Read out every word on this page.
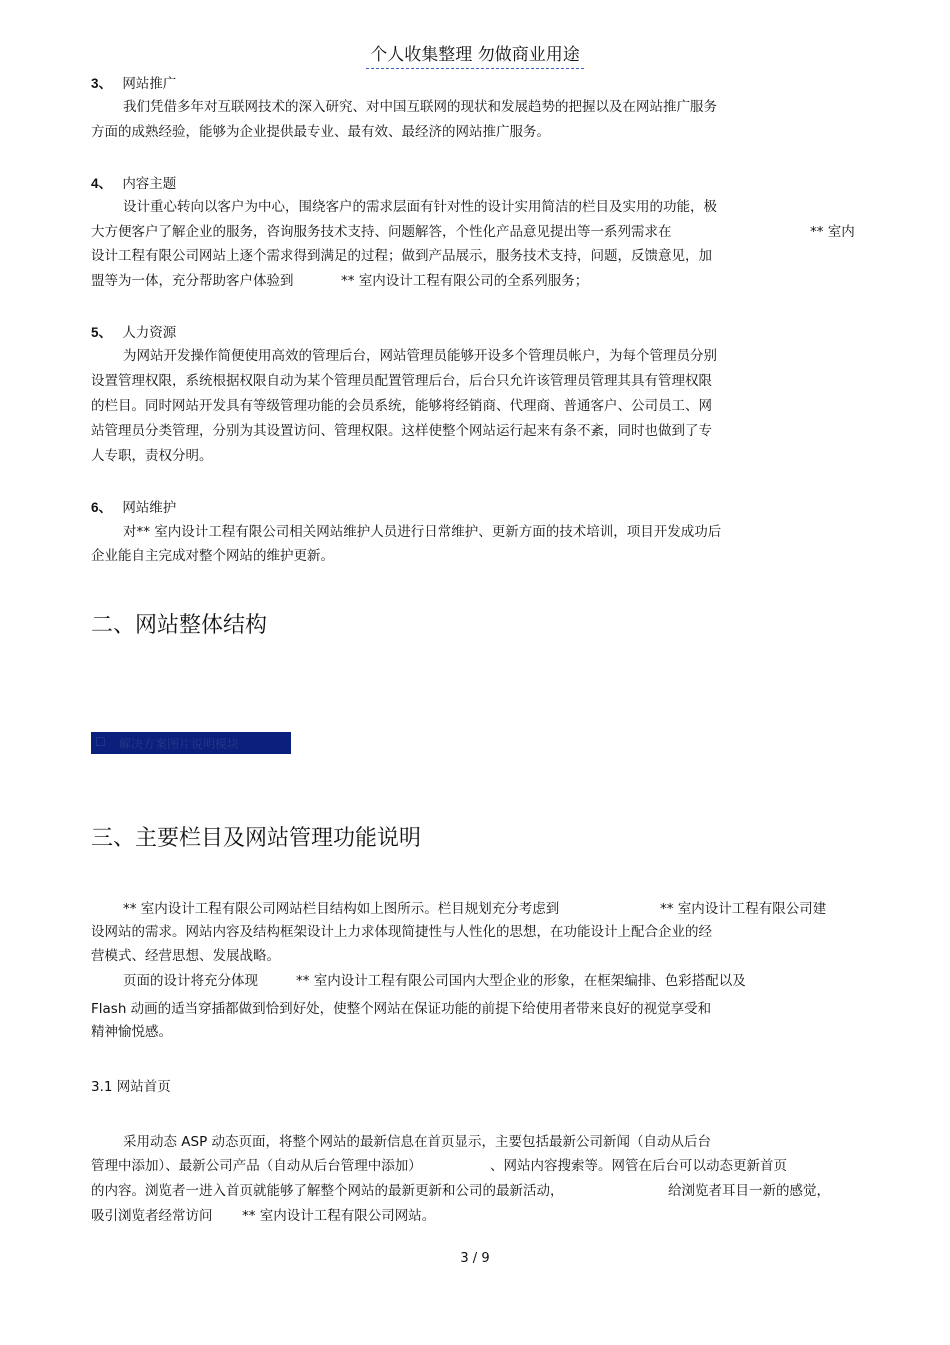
个人收集整理 勿做商业用途
3、 网站推广
我们凭借多年对互联网技术的深入研究、对中国互联网的现状和发展趋势的把握以及在网站推广服务
方面的成熟经验，能够为企业提供最专业、最有效、最经济的网站推广服务。
4、 内容主题
设计重心转向以客户为中心，围绕客户的需求层面有针对性的设计实用简洁的栏目及实用的功能，极
大方便客户了解企业的服务，咨询服务技术支持、问题解答，个性化产品意见提出等一系列需求在	** 室内
设计工程有限公司网站上逐个需求得到满足的过程；做到产品展示，服务技术支持，问题，反馈意见，加
盟等为一体，充分帮助客户体验到	** 室内设计工程有限公司的全系列服务；
5、 人力资源
为网站开发操作简便使用高效的管理后台，网站管理员能够开设多个管理员帐户，为每个管理员分别
设置管理权限，系统根据权限自动为某个管理员配置管理后台，后台只允许该管理员管理其具有管理权限
的栏目。同时网站开发具有等级管理功能的会员系统，能够将经销商、代理商、普通客户、公司员工、网
站管理员分类管理，分别为其设置访问、管理权限。这样使整个网站运行起来有条不紊，同时也做到了专
人专职，责权分明。
6、 网站维护
对** 室内设计工程有限公司相关网站维护人员进行日常维护、更新方面的技术培训，项目开发成功后
企业能自主完成对整个网站的维护更新。
二、网站整体结构
☐ 解决方案图片说明模块
三、主要栏目及网站管理功能说明
** 室内设计工程有限公司网站栏目结构如上图所示。栏目规划充分考虑到	** 室内设计工程有限公司建
设网站的需求。网站内容及结构框架设计上力求体现简捷性与人性化的思想，在功能设计上配合企业的经
营模式、经营思想、发展战略。
页面的设计将充分体现	** 室内设计工程有限公司国内大型企业的形象，在框架编排、色彩搭配以及
Flash 动画的适当穿插都做到恰到好处，使整个网站在保证功能的前提下给使用者带来良好的视觉享受和
精神愉悦感。
3.1 网站首页
采用动态 ASP 动态页面，将整个网站的最新信息在首页显示，主要包括最新公司新闻（自动从后台
管理中添加）、最新公司产品（自动从后台管理中添加）	、网站内容搜索等。网管在后台可以动态更新首页
的内容。浏览者一进入首页就能够了解整个网站的最新更新和公司的最新活动，	给浏览者耳目一新的感觉，
吸引浏览者经常访问 ** 室内设计工程有限公司网站。
3 / 9
